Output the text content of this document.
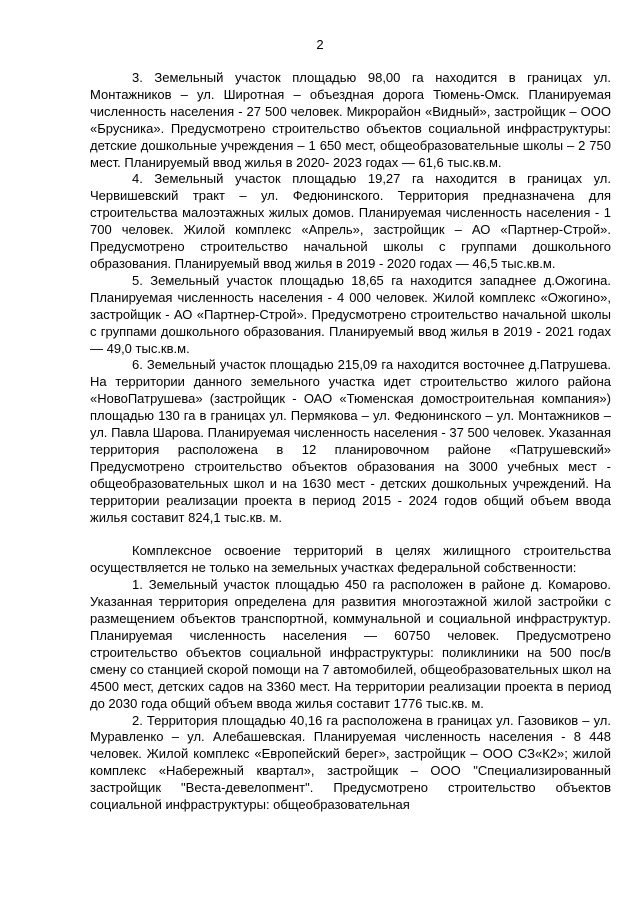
2

3. Земельный участок площадью 98,00 га находится в границах ул. Монтажников – ул. Широтная – объездная дорога Тюмень-Омск. Планируемая численность населения - 27 500 человек. Микрорайон «Видный», застройщик – ООО «Брусника». Предусмотрено строительство объектов социальной инфраструктуры: детские дошкольные учреждения – 1 650 мест, общеобразовательные школы – 2 750 мест. Планируемый ввод жилья в 2020- 2023 годах — 61,6 тыс.кв.м.

4. Земельный участок площадью 19,27 га находится в границах ул. Червишевский тракт – ул. Федюнинского. Территория предназначена для строительства малоэтажных жилых домов. Планируемая численность населения - 1 700 человек. Жилой комплекс «Апрель», застройщик – АО «Партнер-Строй». Предусмотрено строительство начальной школы с группами дошкольного образования. Планируемый ввод жилья в 2019 - 2020 годах — 46,5 тыс.кв.м.

5. Земельный участок площадью 18,65 га находится западнее д.Ожогина. Планируемая численность населения - 4 000 человек. Жилой комплекс «Ожогино», застройщик - АО «Партнер-Строй». Предусмотрено строительство начальной школы с группами дошкольного образования. Планируемый ввод жилья в 2019 - 2021 годах — 49,0 тыс.кв.м.

6. Земельный участок площадью 215,09 га находится восточнее д.Патрушева. На территории данного земельного участка идет строительство жилого района «НовоПатрушева» (застройщик - ОАО «Тюменская домостроительная компания») площадью 130 га в границах ул. Пермякова – ул. Федюнинского – ул. Монтажников – ул. Павла Шарова. Планируемая численность населения - 37 500 человек. Указанная территория расположена в 12 планировочном районе «Патрушевский» Предусмотрено строительство объектов образования на 3000 учебных мест - общеобразовательных школ и на 1630 мест - детских дошкольных учреждений. На территории реализации проекта в период 2015 - 2024 годов общий объем ввода жилья составит 824,1 тыс.кв. м.

Комплексное освоение территорий в целях жилищного строительства осуществляется не только на земельных участках федеральной собственности:

1. Земельный участок площадью 450 га расположен в районе д. Комарово. Указанная территория определена для развития многоэтажной жилой застройки с размещением объектов транспортной, коммунальной и социальной инфраструктур. Планируемая численность населения — 60750 человек. Предусмотрено строительство объектов социальной инфраструктуры: поликлиники на 500 пос/в смену со станцией скорой помощи на 7 автомобилей, общеобразовательных школ на 4500 мест, детских садов на 3360 мест. На территории реализации проекта в период до 2030 года общий объем ввода жилья составит 1776 тыс.кв. м.

2. Территория площадью 40,16 га расположена в границах ул. Газовиков – ул. Муравленко – ул. Алебашевская. Планируемая численность населения - 8 448 человек. Жилой комплекс «Европейский берег», застройщик – ООО СЗ«К2»; жилой комплекс «Набережный квартал», застройщик – ООО "Специализированный застройщик "Веста-девелопмент". Предусмотрено строительство объектов социальной инфраструктуры: общеобразовательная
